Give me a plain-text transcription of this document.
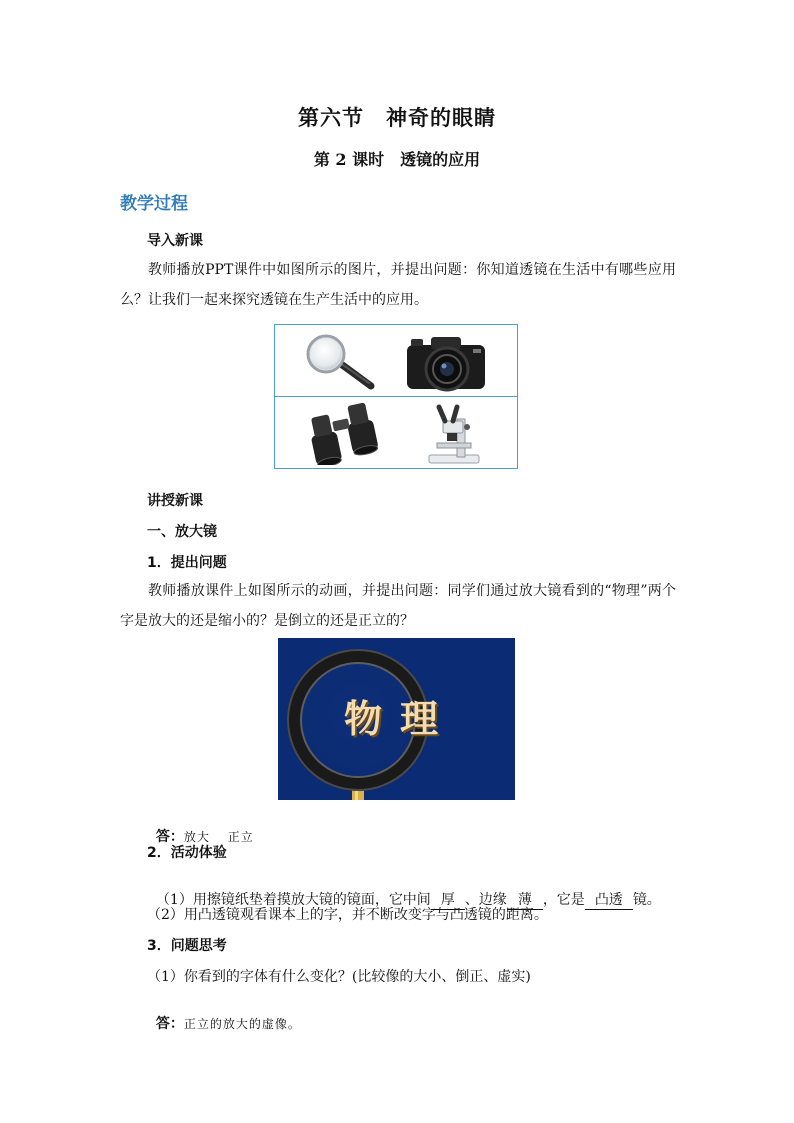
第六节　神奇的眼睛
第 2 课时　透镜的应用
教学过程
导入新课
教师播放PPT课件中如图所示的图片，并提出问题：你知道透镜在生活中有哪些应用么？让我们一起来探究透镜在生产生活中的应用。
讲授新课
一、放大镜
1．提出问题
教师播放课件上如图所示的动画，并提出问题：同学们通过放大镜看到的“物理”两个字是放大的还是缩小的？是倒立的还是正立的？
物理

答：放大　 正立

2．活动体验

（1）用擦镜纸垫着摸放大镜的镜面，它中间 厚 、边缘 薄 ，它是 凸透 镜。

（2）用凸透镜观看课本上的字，并不断改变字与凸透镜的距离。
3．问题思考
（1）你看到的字体有什么变化？(比较像的大小、倒正、虚实)

答：正立的放大的虚像。
